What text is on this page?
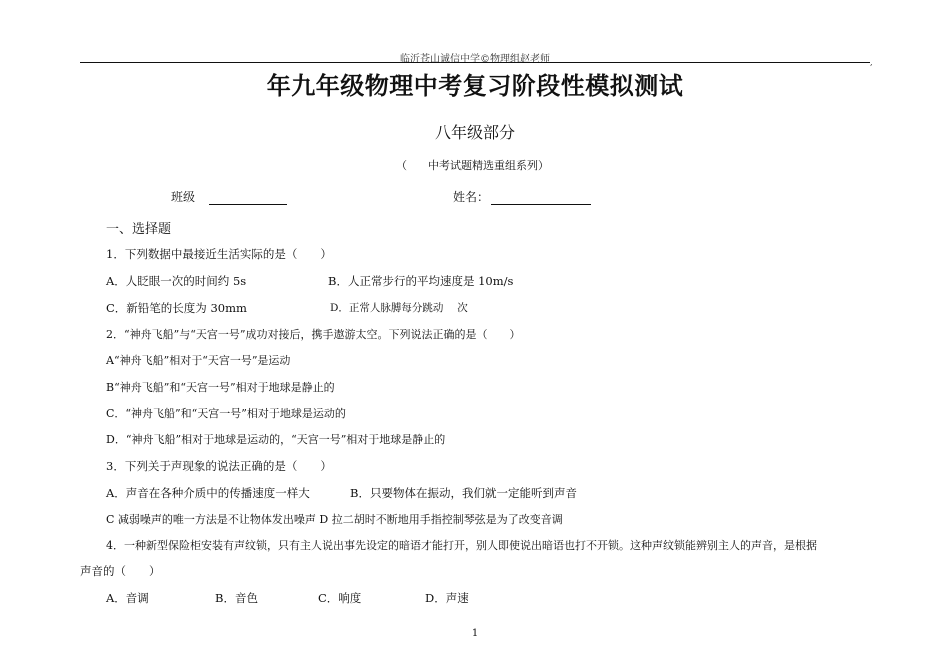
临沂苍山诚信中学©物理组赵老师	,
年九年级物理中考复习阶段性模拟测试
八年级部分
（ 中考试题精选重组系列）
班级	姓名：
一、选择题
1．下列数据中最接近生活实际的是（　　）
A．人眨眼一次的时间约 5s	B．人正常步行的平均速度是 10m/s
C．新铅笔的长度为 30mm	D．正常人脉膊每分跳动　 次
2．“神舟飞船”与“天宫一号”成功对接后，携手遨游太空。下列说法正确的是（　　）
A“神舟飞船”相对于“天宫一号”是运动
B“神舟飞船”和“天宫一号”相对于地球是静止的
C．“神舟飞船”和“天宫一号”相对于地球是运动的
D．“神舟飞船”相对于地球是运动的，“天宫一号”相对于地球是静止的
3．下列关于声现象的说法正确的是（　　）
A．声音在各种介质中的传播速度一样大	B．只要物体在振动，我们就一定能听到声音
C 减弱噪声的唯一方法是不让物体发出噪声 D 拉二胡时不断地用手指控制琴弦是为了改变音调
4．一种新型保险柜安装有声纹锁，只有主人说出事先设定的暗语才能打开，别人即使说出暗语也打不开锁。这种声纹锁能辨别主人的声音，是根据
声音的（　　）
A．音调	B．音色	C．响度	D．声速
1
